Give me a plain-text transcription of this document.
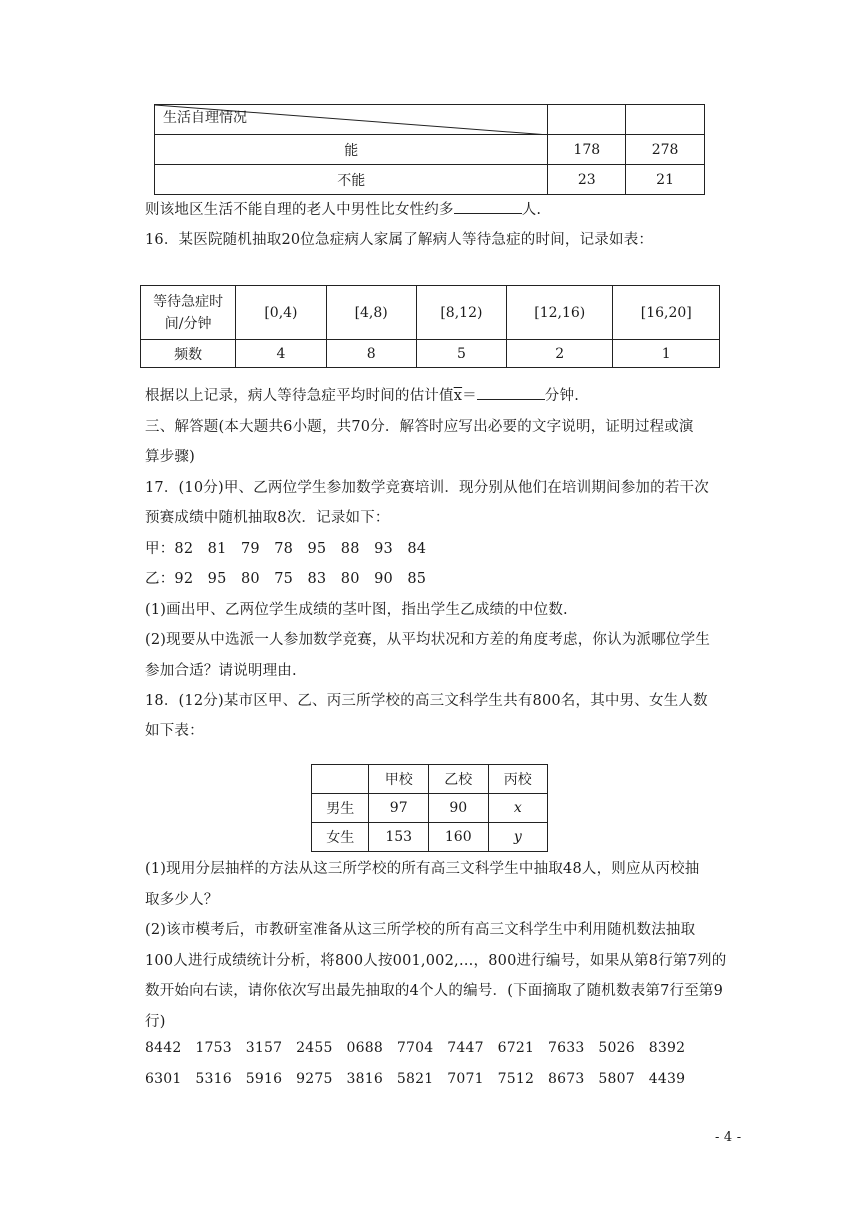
生活自理情况		

能	178	278
不能	23	21
则该地区生活不能自理的老人中男性比女性约多	人.
16．某医院随机抽取20位急症病人家属了解病人等待急症的时间，记录如表：
等待急症时
间/分钟	[0,4)	[4,8)	[8,12)	[12,16)	[16,20]
频数	4	8	5	2	1
根据以上记录，病人等待急症平均时间的估计值$\overline{x}=$	分钟.
三、解答题(本大题共6小题，共70分．解答时应写出必要的文字说明，证明过程或演
算步骤)
17．(10分)甲、乙两位学生参加数学竞赛培训．现分别从他们在培训期间参加的若干次
预赛成绩中随机抽取8次．记录如下：
甲：82   81   79   78   95   88   93   84
乙：92   95   80   75   83   80   90   85
(1)画出甲、乙两位学生成绩的茎叶图，指出学生乙成绩的中位数.
(2)现要从中选派一人参加数学竞赛，从平均状况和方差的角度考虑，你认为派哪位学生
参加合适？请说明理由.
18．(12分)某市区甲、乙、丙三所学校的高三文科学生共有800名，其中男、女生人数
如下表：
	甲校	乙校	丙校
男生	97	90	x
女生	153	160	y
(1)现用分层抽样的方法从这三所学校的所有高三文科学生中抽取48人，则应从丙校抽
取多少人？
(2)该市模考后，市教研室准备从这三所学校的所有高三文科学生中利用随机数法抽取
100人进行成绩统计分析，将800人按001,002,…，800进行编号，如果从第8行第7列的
数开始向右读，请你依次写出最先抽取的4个人的编号．(下面摘取了随机数表第7行至第9
行)
8442   1753   3157   2455   0688   7704   7447   6721   7633   5026   8392
6301   5316   5916   9275   3816   5821   7071   7512   8673   5807   4439
- 4 -
